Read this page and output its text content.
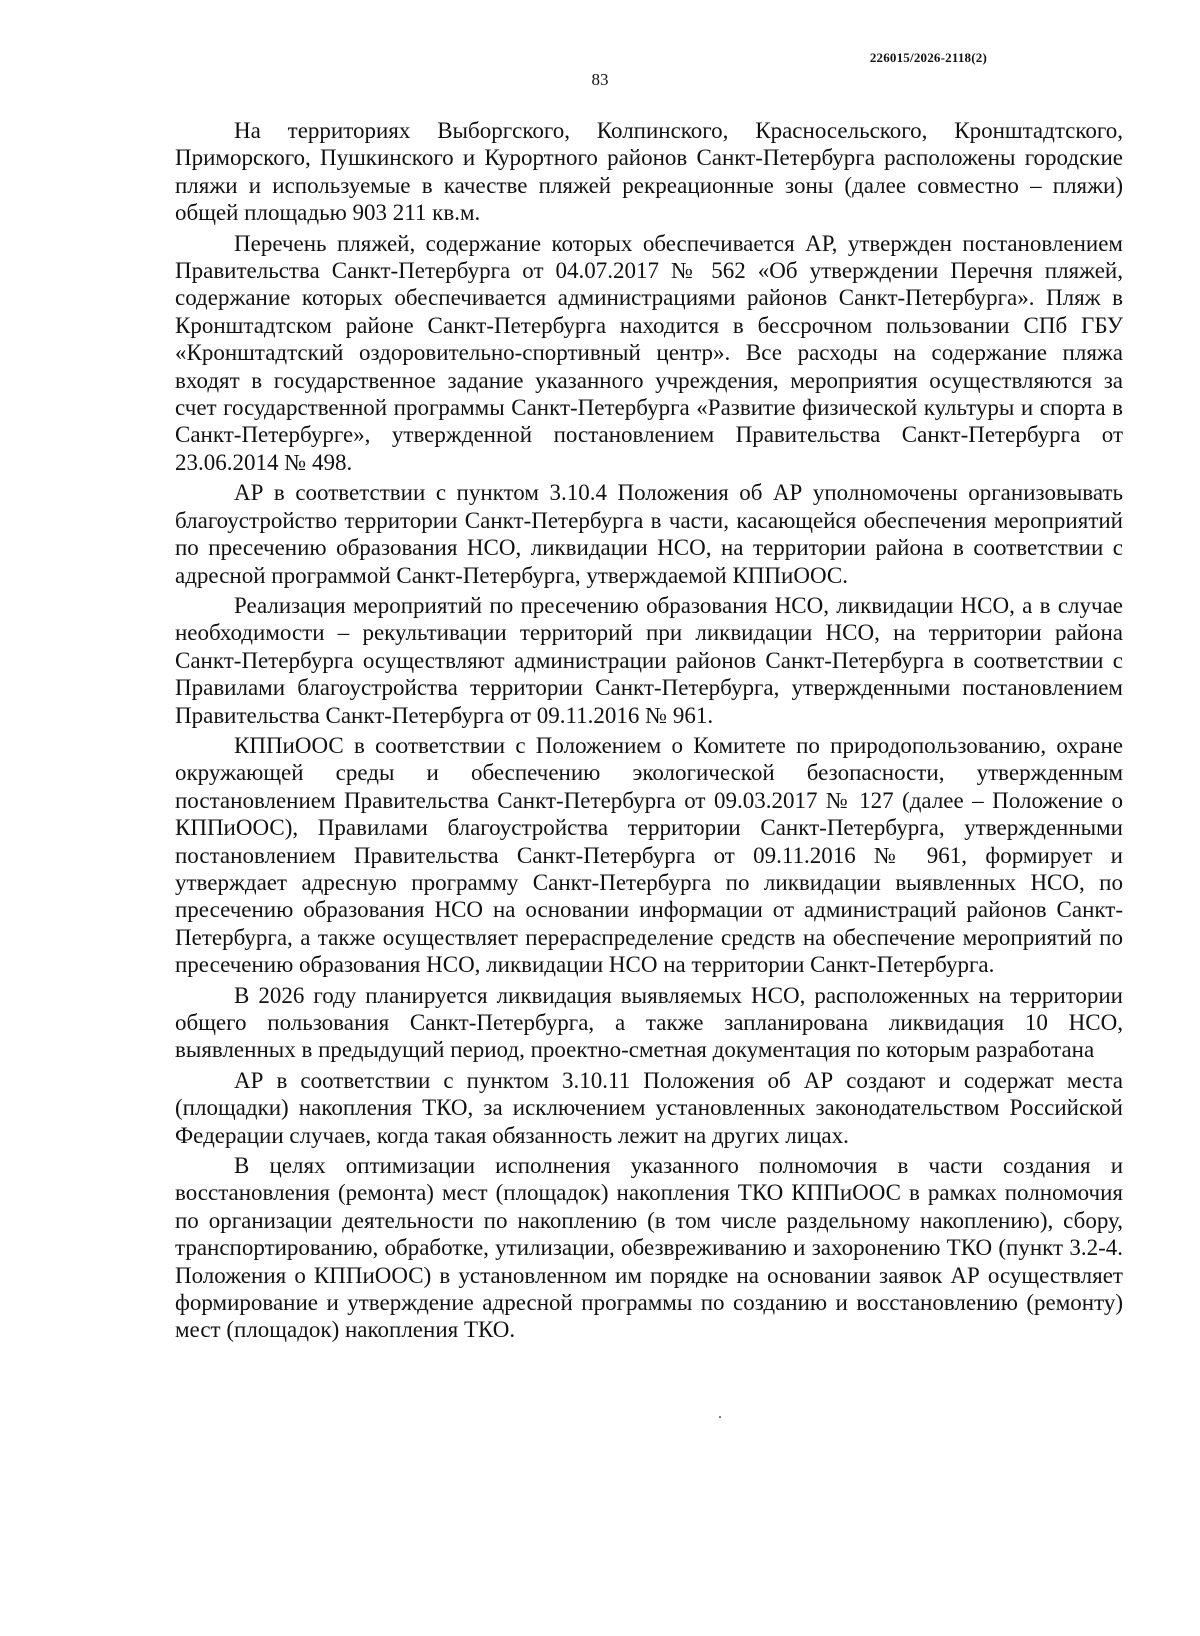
226015/2026-2118(2)
83

На территориях Выборгского, Колпинского, Красносельского, Кронштадтского, Приморского, Пушкинского и Курортного районов Санкт-Петербурга расположены городские пляжи и используемые в качестве пляжей рекреационные зоны (далее совместно – пляжи) общей площадью 903 211 кв.м.

Перечень пляжей, содержание которых обеспечивается АР, утвержден постановлением Правительства Санкт-Петербурга от 04.07.2017 № 562 «Об утверждении Перечня пляжей, содержание которых обеспечивается администрациями районов Санкт-Петербурга». Пляж в Кронштадтском районе Санкт-Петербурга находится в бессрочном пользовании СПб ГБУ «Кронштадтский оздоровительно-спортивный центр». Все расходы на содержание пляжа входят в государственное задание указанного учреждения, мероприятия осуществляются за счет государственной программы Санкт-Петербурга «Развитие физической культуры и спорта в Санкт-Петербурге», утвержденной постановлением Правительства Санкт-Петербурга от 23.06.2014 № 498.

АР в соответствии с пунктом 3.10.4 Положения об АР уполномочены организовывать благоустройство территории Санкт-Петербурга в части, касающейся обеспечения мероприятий по пресечению образования НСО, ликвидации НСО, на территории района в соответствии с адресной программой Санкт-Петербурга, утверждаемой КППиООС.

Реализация мероприятий по пресечению образования НСО, ликвидации НСО, а в случае необходимости – рекультивации территорий при ликвидации НСО, на территории района Санкт-Петербурга осуществляют администрации районов Санкт-Петербурга в соответствии с Правилами благоустройства территории Санкт-Петербурга, утвержденными постановлением Правительства Санкт-Петербурга от 09.11.2016 № 961.

КППиООС в соответствии с Положением о Комитете по природопользованию, охране окружающей среды и обеспечению экологической безопасности, утвержденным постановлением Правительства Санкт-Петербурга от 09.03.2017 № 127 (далее – Положение о КППиООС), Правилами благоустройства территории Санкт-Петербурга, утвержденными постановлением Правительства Санкт-Петербурга от 09.11.2016 № 961, формирует и утверждает адресную программу Санкт-Петербурга по ликвидации выявленных НСО, по пресечению образования НСО на основании информации от администраций районов Санкт-Петербурга, а также осуществляет перераспределение средств на обеспечение мероприятий по пресечению образования НСО, ликвидации НСО на территории Санкт-Петербурга.

В 2026 году планируется ликвидация выявляемых НСО, расположенных на территории общего пользования Санкт-Петербурга, а также запланирована ликвидация 10 НСО, выявленных в предыдущий период, проектно-сметная документация по которым разработана

АР в соответствии с пунктом 3.10.11 Положения об АР создают и содержат места (площадки) накопления ТКО, за исключением установленных законодательством Российской Федерации случаев, когда такая обязанность лежит на других лицах.

В целях оптимизации исполнения указанного полномочия в части создания и восстановления (ремонта) мест (площадок) накопления ТКО КППиООС в рамках полномочия по организации деятельности по накоплению (в том числе раздельному накоплению), сбору, транспортированию, обработке, утилизации, обезвреживанию и захоронению ТКО (пункт 3.2-4. Положения о КППиООС) в установленном им порядке на основании заявок АР осуществляет формирование и утверждение адресной программы по созданию и восстановлению (ремонту) мест (площадок) накопления ТКО.
